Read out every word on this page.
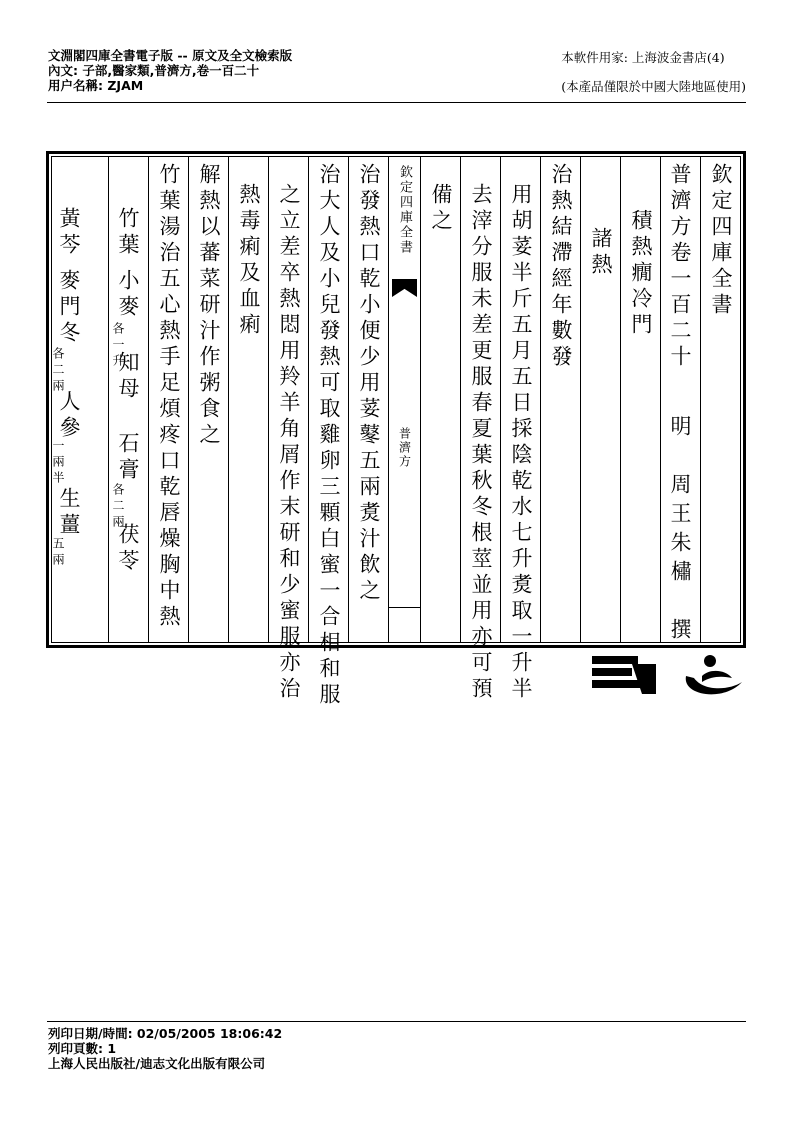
文淵閣四庫全書電子版 -- 原文及全文檢索版
內文: 子部,醫家類,普濟方,卷一百二十
用户名稱: ZJAM
本軟件用家: 上海波金書店(4)
(本產品僅限於中國大陸地區使用)
欽定四庫全書
普濟方卷一百二十
明　周王朱橚　撰
積熱癇冷門
諸熱
治熱結滯經年數發
用胡荽半斤五月五日採陰乾水七升煑取一升半
去滓分服未差更服春夏葉秋冬根莖並用亦可預
備之
欽定四庫全書
普濟方
治發熱口乾小便少用荽鼕五兩煑汁飲之
治大人及小兒發熱可取雞卵三顆白蜜一合相和服
之立差卒熱悶用羚羊角屑作末研和少蜜服亦治
熱毒痢及血痢
解熱以蕃菜研汁作粥食之
竹葉湯治五心熱手足煩疼口乾唇燥胸中熱
竹葉
小麥
各一升
知母
石膏
各二兩
茯苓
黃芩
麥門冬
各二兩
人參
一兩半
生薑
五兩
列印日期/時間: 02/05/2005 18:06:42
列印頁數: 1
上海人民出版社/迪志文化出版有限公司
